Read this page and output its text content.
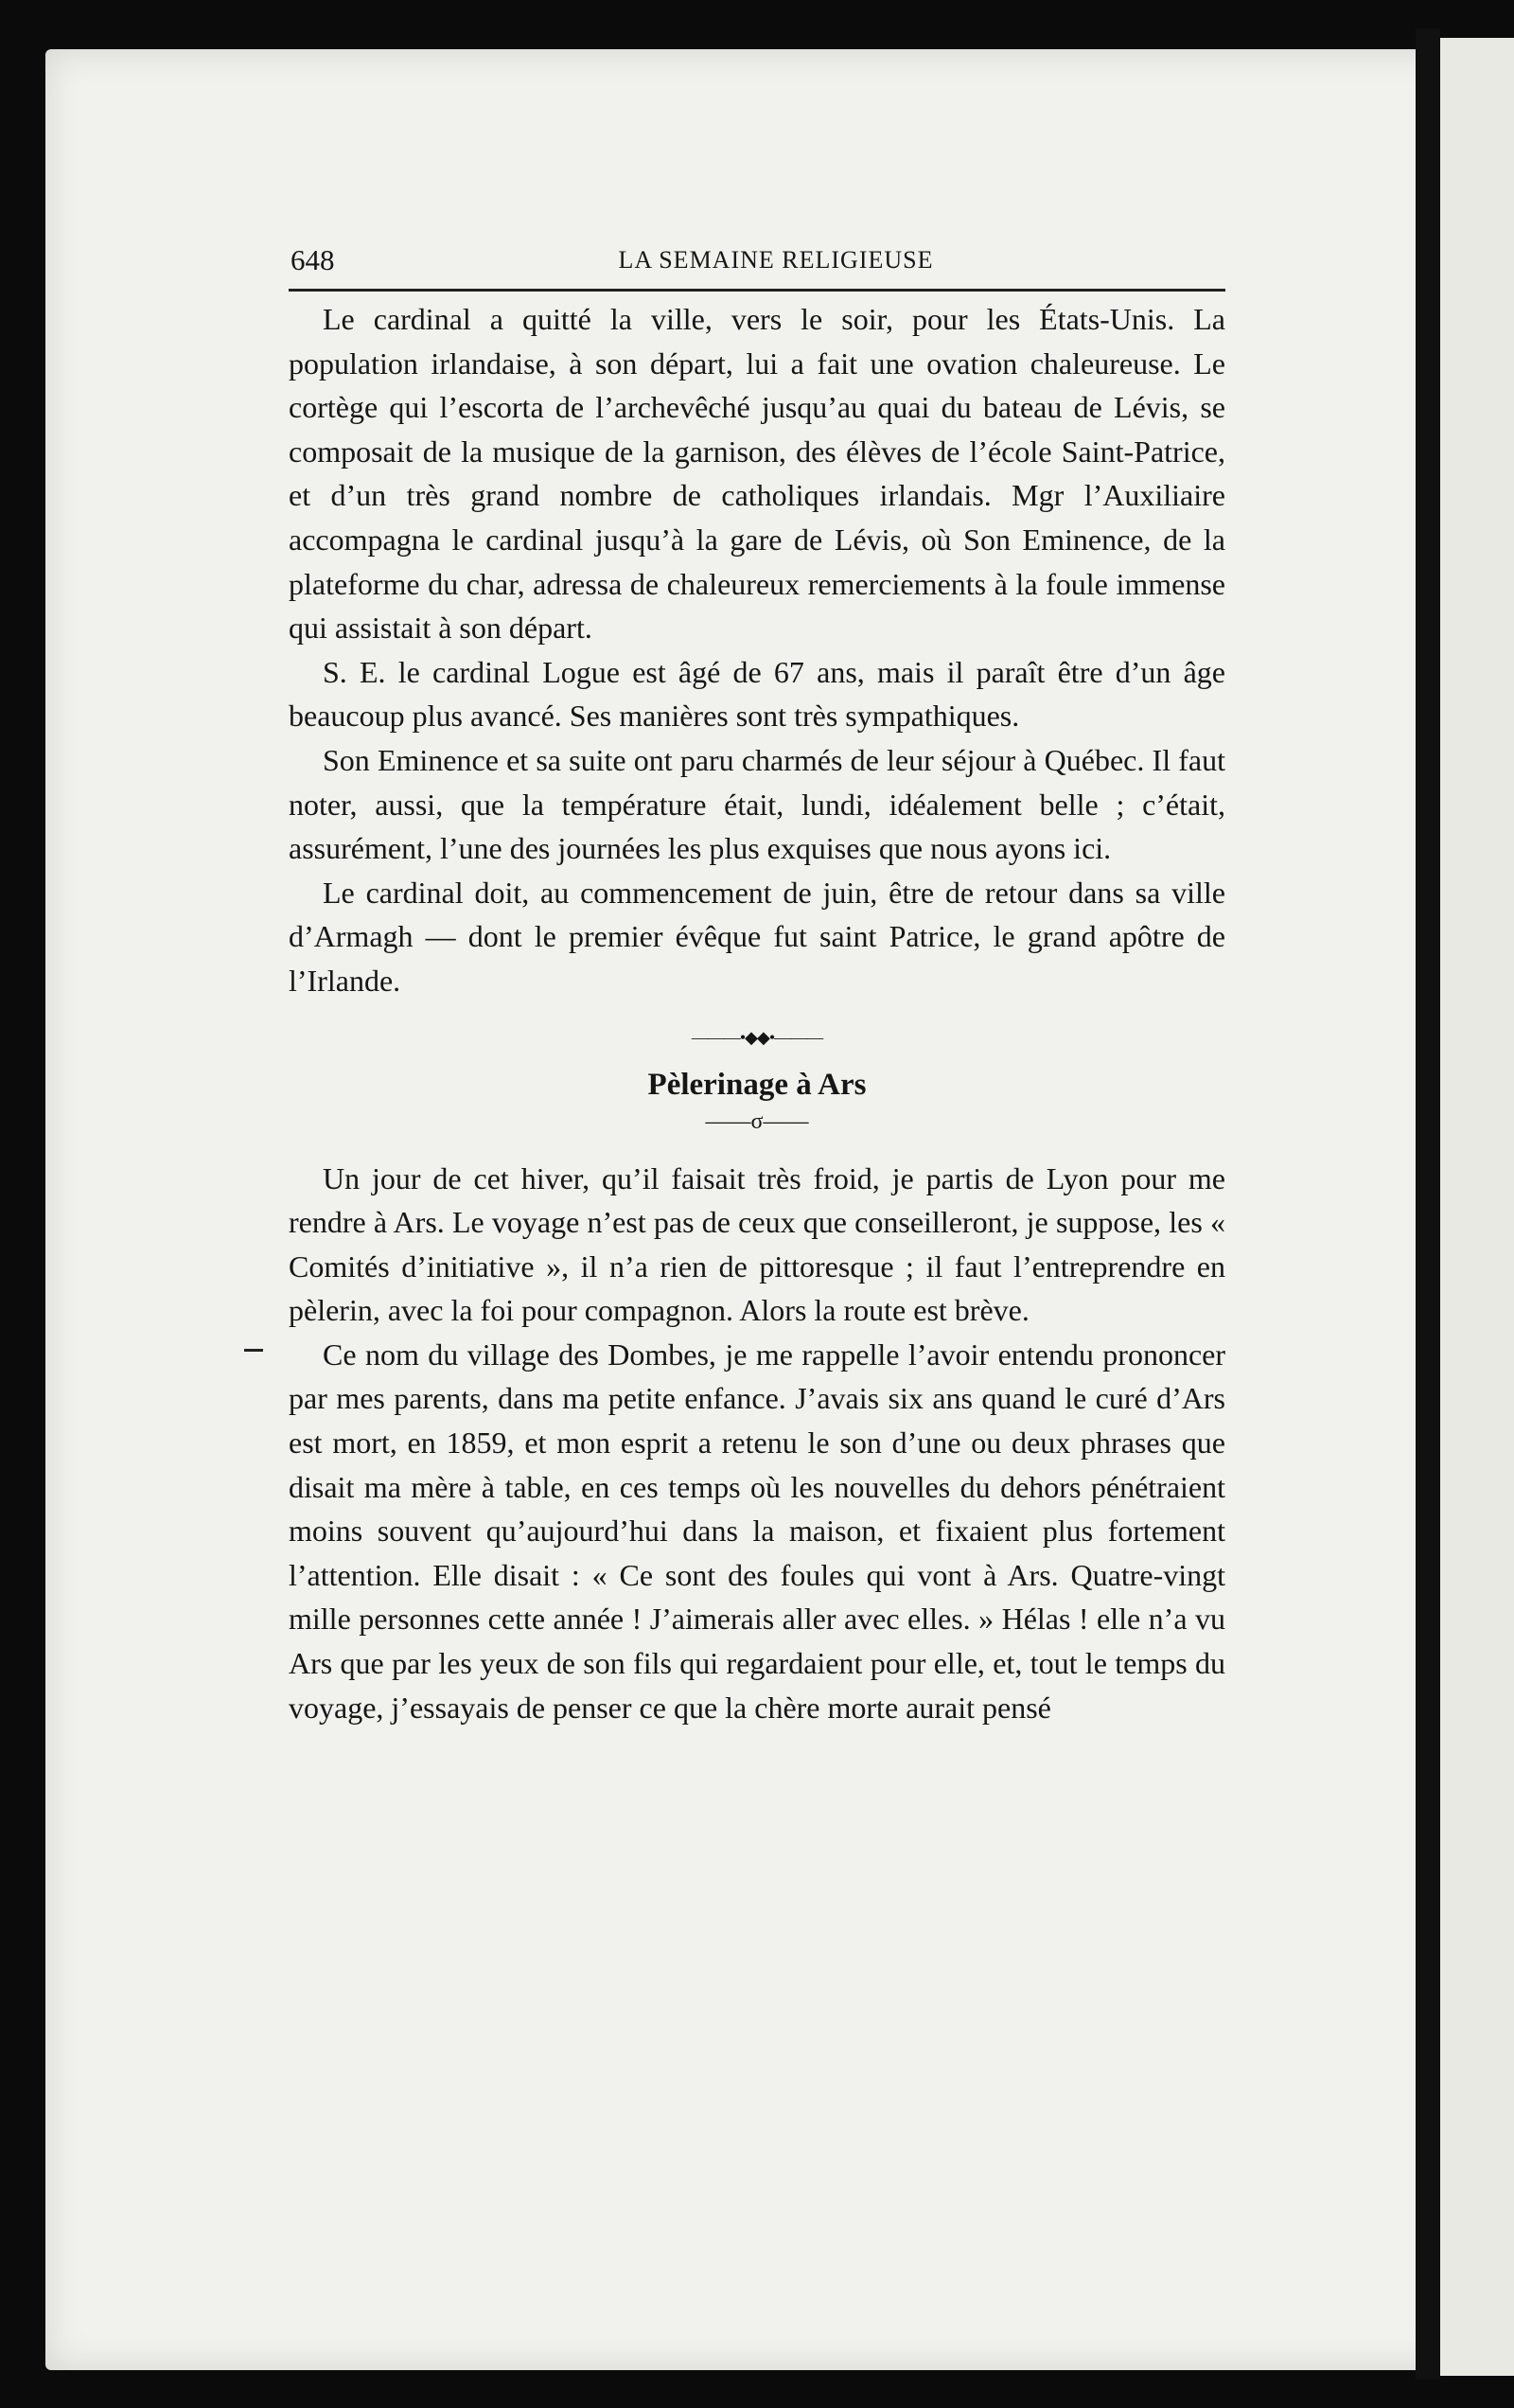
648	LA SEMAINE RELIGIEUSE

Le cardinal a quitté la ville, vers le soir, pour les États-Unis. La population irlandaise, à son départ, lui a fait une ovation chaleureuse. Le cortège qui l’escorta de l’archevêché jusqu’au quai du bateau de Lévis, se composait de la musique de la garnison, des élèves de l’école Saint-Patrice, et d’un très grand nombre de catholiques irlandais. Mgr l’Auxiliaire accompagna le cardinal jusqu’à la gare de Lévis, où Son Eminence, de la plateforme du char, adressa de chaleureux remerciements à la foule immense qui assistait à son départ.

S. E. le cardinal Logue est âgé de 67 ans, mais il paraît être d’un âge beaucoup plus avancé. Ses manières sont très sympathiques.

Son Eminence et sa suite ont paru charmés de leur séjour à Québec. Il faut noter, aussi, que la température était, lundi, idéalement belle ; c’était, assurément, l’une des journées les plus exquises que nous ayons ici.

Le cardinal doit, au commencement de juin, être de retour dans sa ville d’Armagh — dont le premier évêque fut saint Patrice, le grand apôtre de l’Irlande.

———•◆◆•———
Pèlerinage à Ars
——σ——

Un jour de cet hiver, qu’il faisait très froid, je partis de Lyon pour me rendre à Ars. Le voyage n’est pas de ceux que conseilleront, je suppose, les « Comités d’initiative », il n’a rien de pittoresque ; il faut l’entreprendre en pèlerin, avec la foi pour compagnon. Alors la route est brève.

Ce nom du village des Dombes, je me rappelle l’avoir entendu prononcer par mes parents, dans ma petite enfance. J’avais six ans quand le curé d’Ars est mort, en 1859, et mon esprit a retenu le son d’une ou deux phrases que disait ma mère à table, en ces temps où les nouvelles du dehors pénétraient moins souvent qu’aujourd’hui dans la maison, et fixaient plus fortement l’attention. Elle disait : « Ce sont des foules qui vont à Ars. Quatre-vingt mille personnes cette année ! J’aimerais aller avec elles. » Hélas ! elle n’a vu Ars que par les yeux de son fils qui regardaient pour elle, et, tout le temps du voyage, j’essayais de penser ce que la chère morte aurait pensé
